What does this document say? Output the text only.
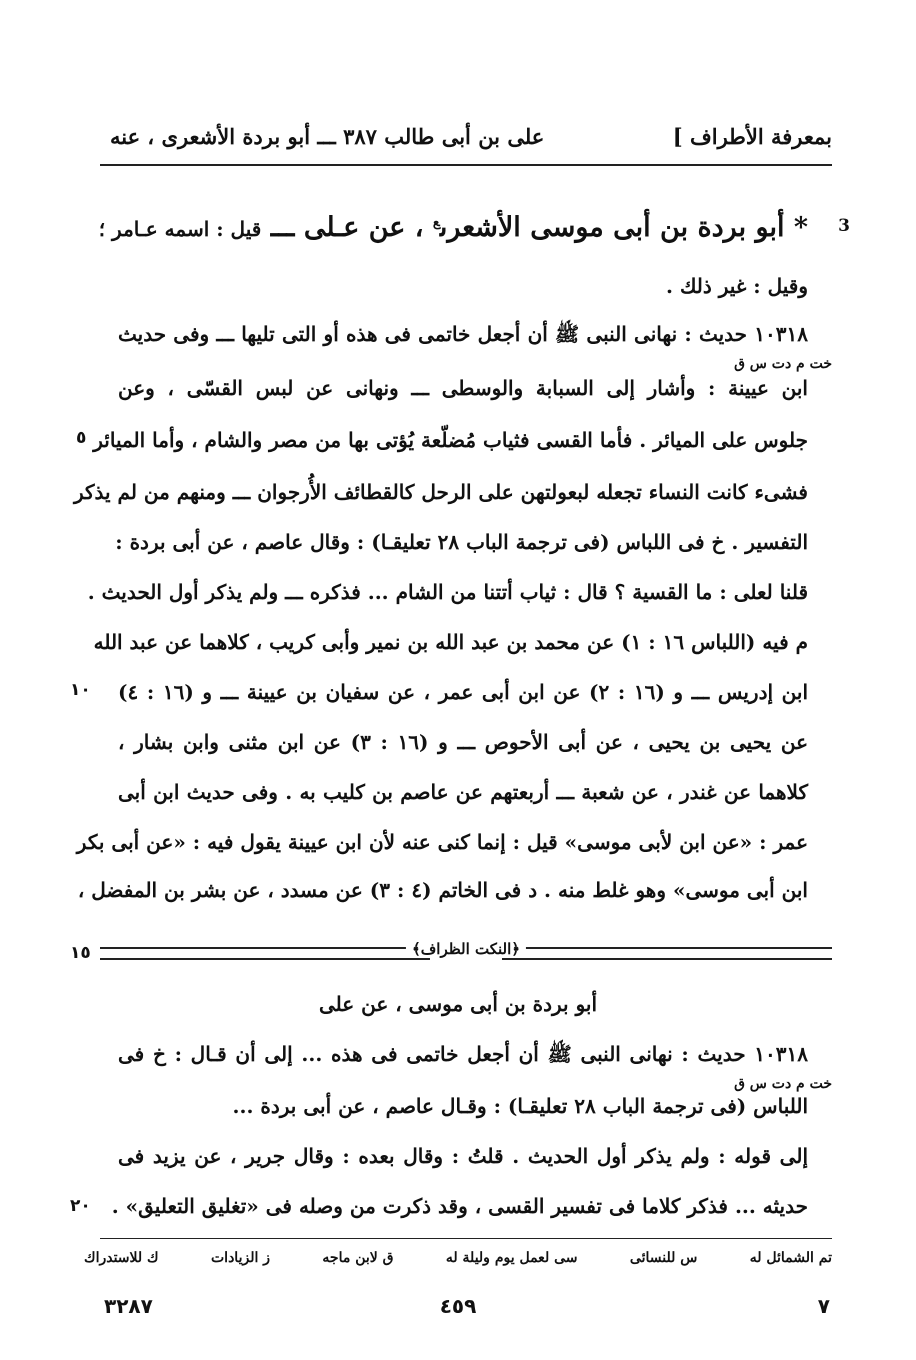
بمعرفة الأطراف ]
على بن أبى طالب ٣٨٧ ـــ أبو بردة الأشعرى ، عنه
3
* أبو بردة بن أبى موسى الأشعرى$^ع$ ، عن عـلى ـــ قيل : اسمه عـامر ؛
وقيل : غير ذلك .
١٠٣١٨ حديث : نهانى النبى ﷺ أن أجعل خاتمى فى هذه أو التى تليها ـــ وفى حديث
خت م دت س ق
ابن عيينة : وأشار إلى السبابة والوسطى ـــ ونهانى عن لبس القسّى ، وعن
جلوس على الميائر . فأما القسى فثياب مُضلّعة يُؤتى بها من مصر والشام ، وأما الميائر
فشىء كانت النساء تجعله لبعولتهن على الرحل كالقطائف الأُرجوان ـــ ومنهم من لم يذكر
التفسير . خ فى اللباس (فى ترجمة الباب ٢٨ تعليقـا) : وقال عاصم ، عن أبى بردة :
قلنا لعلى : ما القسية ؟ قال : ثياب أتتنا من الشام ... فذكره ـــ ولم يذكر أول الحديث .
م فيه (اللباس ١٦ : ١) عن محمد بن عبد الله بن نمير وأبى كريب ، كلاهما عن عبد الله
ابن إدريس ـــ و (١٦ : ٢) عن ابن أبى عمر ، عن سفيان بن عيينة ـــ و (١٦ : ٤)
عن يحيى بن يحيى ، عن أبى الأحوص ـــ و (١٦ : ٣) عن ابن مثنى وابن بشار ،
كلاهما عن غندر ، عن شعبة ـــ أربعتهم عن عاصم بن كليب به . وفى حديث ابن أبى
عمر : «عن ابن لأبى موسى» قيل : إنما كنى عنه لأن ابن عيينة يقول فيه : «عن أبى بكر
ابن أبى موسى» وهو غلط منه . د فى الخاتم (٤ : ٣) عن مسدد ، عن بشر بن المفضل ،
٥
١٠
١٥
٢٠
﴿النكت الظراف﴾
أبو بردة بن أبى موسى ، عن على
١٠٣١٨ حديث : نهانى النبى ﷺ أن أجعل خاتمى فى هذه ... إلى أن قـال : خ فى
خت م دت س ق
اللباس (فى ترجمة الباب ٢٨ تعليقـا) : وقـال عاصم ، عن أبى بردة ...
إلى قوله : ولم يذكر أول الحديث . قلتُ : وقال بعده : وقال جرير ، عن يزيد فى
حديثه ... فذكر كلاما فى تفسير القسى ، وقد ذكرت من وصله فى «تغليق التعليق» .
تم الشمائل له
س للنسائى
سى لعمل يوم وليلة له
ق لابن ماجه
ز الزيادات
ك للاستدراك
٧
٤٥٩
٣٢٨٧
